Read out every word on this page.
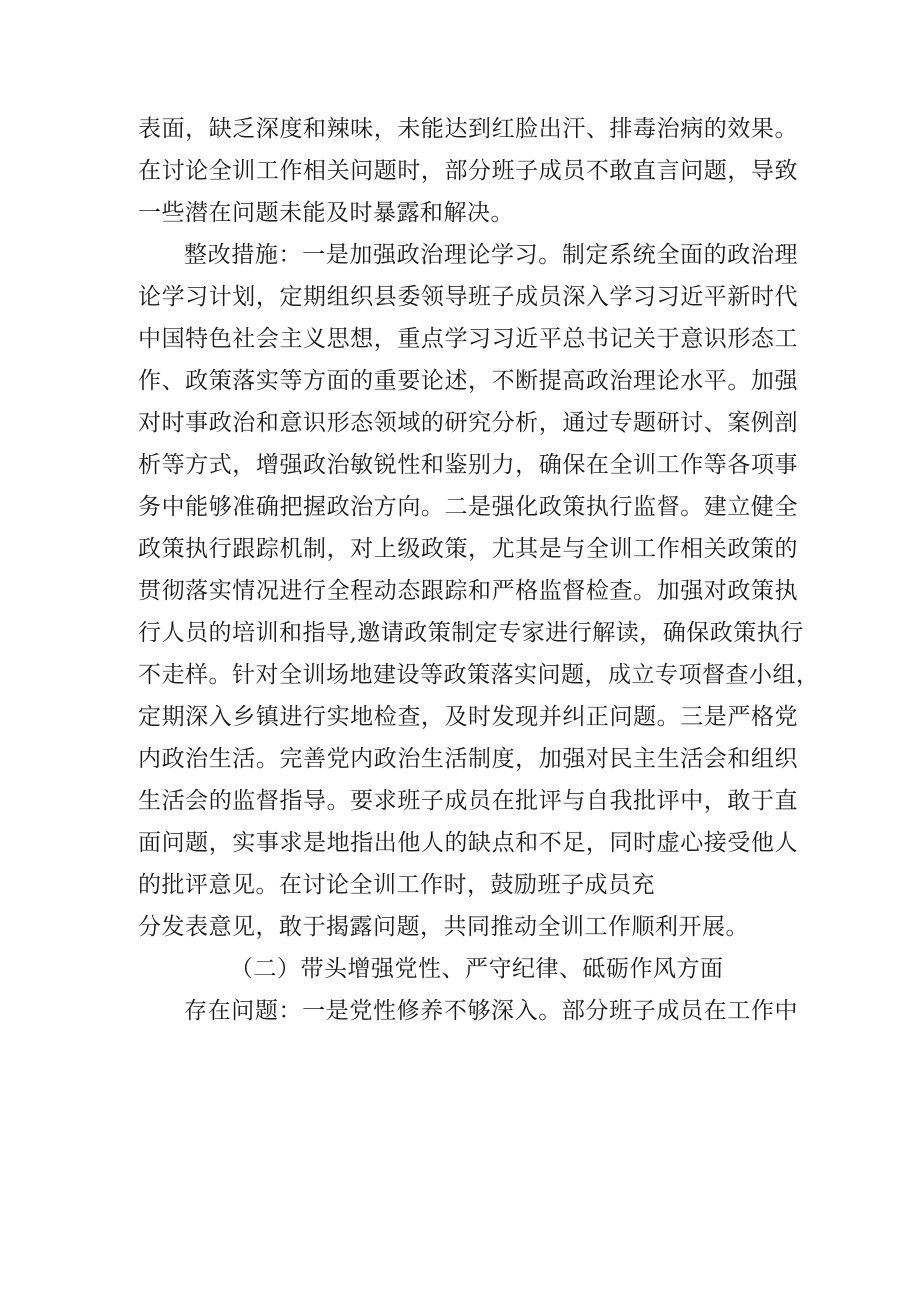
表面，缺乏深度和辣味，未能达到红脸出汗、排毒治病的效果。
在讨论全训工作相关问题时，部分班子成员不敢直言问题，导致
一些潜在问题未能及时暴露和解决。
整改措施：一是加强政治理论学习。制定系统全面的政治理
论学习计划，定期组织县委领导班子成员深入学习习近平新时代
中国特色社会主义思想，重点学习习近平总书记关于意识形态工
作、政策落实等方面的重要论述，不断提高政治理论水平。加强
对时事政治和意识形态领域的研究分析，通过专题研讨、案例剖
析等方式，增强政治敏锐性和鉴别力，确保在全训工作等各项事
务中能够准确把握政治方向。二是强化政策执行监督。建立健全
政策执行跟踪机制，对上级政策，尤其是与全训工作相关政策的
贯彻落实情况进行全程动态跟踪和严格监督检查。加强对政策执
行人员的培训和指导,邀请政策制定专家进行解读，确保政策执行
不走样。针对全训场地建设等政策落实问题，成立专项督查小组，
定期深入乡镇进行实地检查，及时发现并纠正问题。三是严格党
内政治生活。完善党内政治生活制度，加强对民主生活会和组织
生活会的监督指导。要求班子成员在批评与自我批评中，敢于直
面问题，实事求是地指出他人的缺点和不足，同时虚心接受他人
的批评意见。在讨论全训工作时，鼓励班子成员充
分发表意见，敢于揭露问题，共同推动全训工作顺利开展。
（二）带头增强党性、严守纪律、砥砺作风方面
存在问题：一是党性修养不够深入。部分班子成员在工作中
